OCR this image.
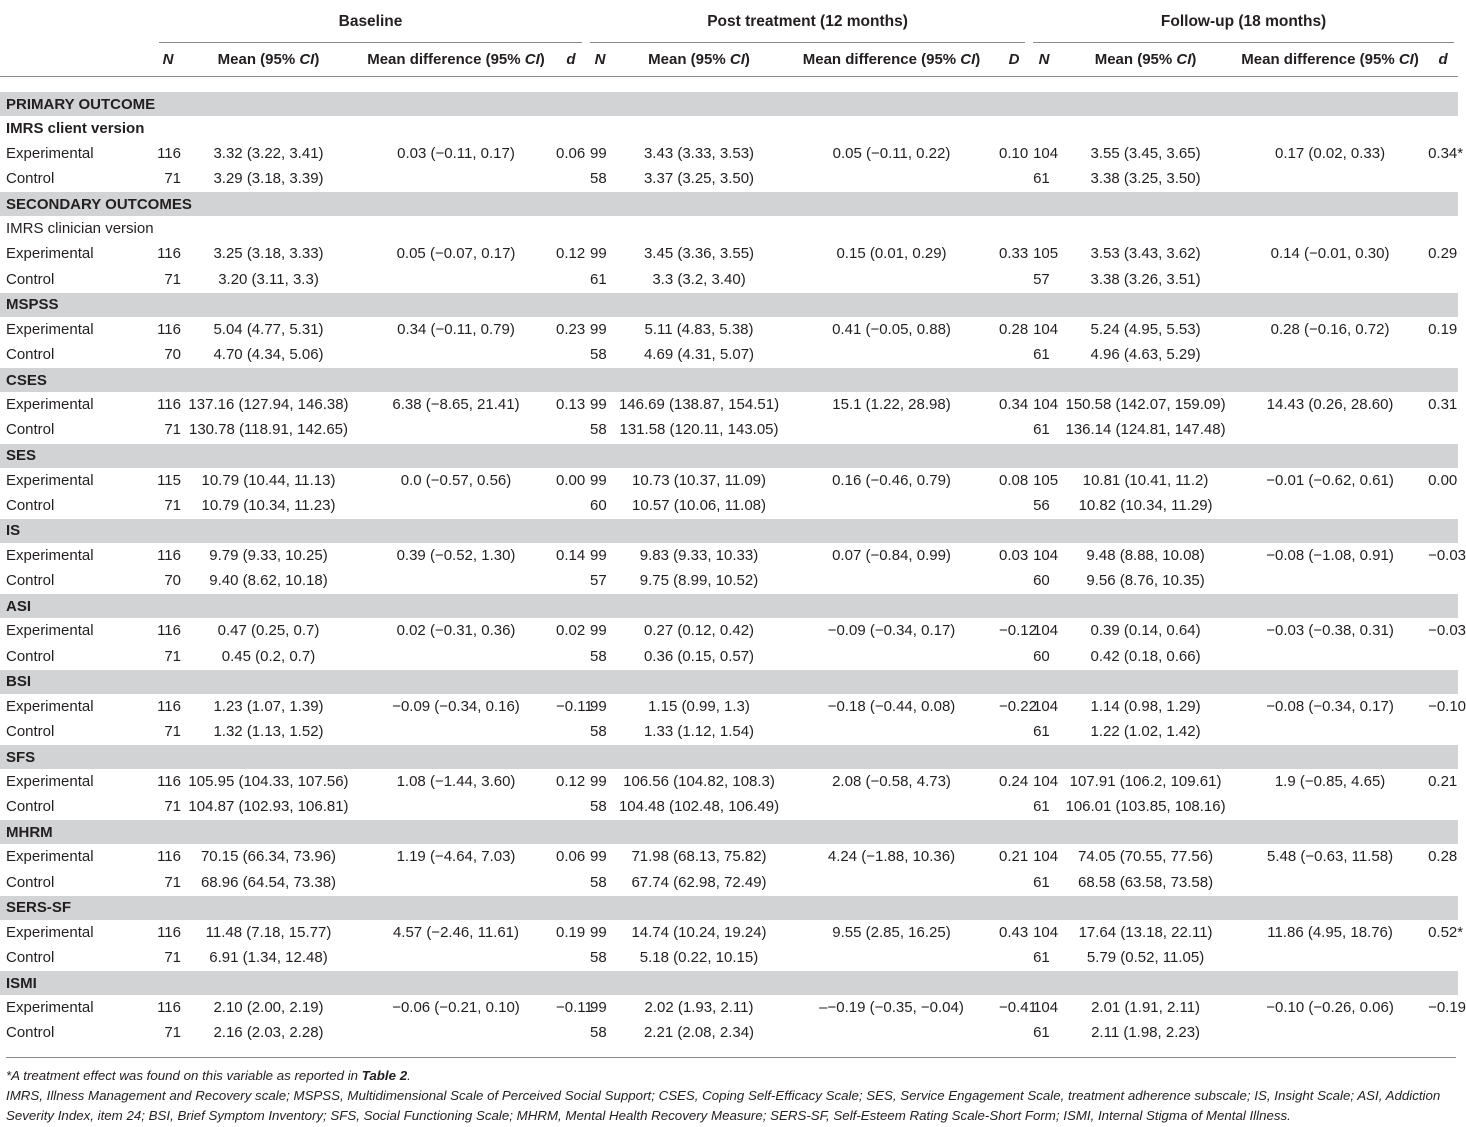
	Baseline				Post treatment (12 months)				Follow-up (18 months)			
	N	Mean (95% CI)	Mean difference (95% CI)	d	N	Mean (95% CI)	Mean difference (95% CI)	D	N	Mean (95% CI)	Mean difference (95% CI)	d

PRIMARY OUTCOME												
IMRS client version												
Experimental	116	3.32 (3.22, 3.41)	0.03 (−0.11, 0.17)	0.06	99	3.43 (3.33, 3.53)	0.05 (−0.11, 0.22)	0.10	104	3.55 (3.45, 3.65)	0.17 (0.02, 0.33)	0.34*
Control	71	3.29 (3.18, 3.39)			58	3.37 (3.25, 3.50)			61	3.38 (3.25, 3.50)		
SECONDARY OUTCOMES												
IMRS clinician version												
Experimental	116	3.25 (3.18, 3.33)	0.05 (−0.07, 0.17)	0.12	99	3.45 (3.36, 3.55)	0.15 (0.01, 0.29)	0.33	105	3.53 (3.43, 3.62)	0.14 (−0.01, 0.30)	0.29
Control	71	3.20 (3.11, 3.3)			61	3.3 (3.2, 3.40)			57	3.38 (3.26, 3.51)		
MSPSS												
Experimental	116	5.04 (4.77, 5.31)	0.34 (−0.11, 0.79)	0.23	99	5.11 (4.83, 5.38)	0.41 (−0.05, 0.88)	0.28	104	5.24 (4.95, 5.53)	0.28 (−0.16, 0.72)	0.19
Control	70	4.70 (4.34, 5.06)			58	4.69 (4.31, 5.07)			61	4.96 (4.63, 5.29)		
CSES												
Experimental	116	137.16 (127.94, 146.38)	6.38 (−8.65, 21.41)	0.13	99	146.69 (138.87, 154.51)	15.1 (1.22, 28.98)	0.34	104	150.58 (142.07, 159.09)	14.43 (0.26, 28.60)	0.31
Control	71	130.78 (118.91, 142.65)			58	131.58 (120.11, 143.05)			61	136.14 (124.81, 147.48)		
SES												
Experimental	115	10.79 (10.44, 11.13)	0.0 (−0.57, 0.56)	0.00	99	10.73 (10.37, 11.09)	0.16 (−0.46, 0.79)	0.08	105	10.81 (10.41, 11.2)	−0.01 (−0.62, 0.61)	0.00
Control	71	10.79 (10.34, 11.23)			60	10.57 (10.06, 11.08)			56	10.82 (10.34, 11.29)		
IS												
Experimental	116	9.79 (9.33, 10.25)	0.39 (−0.52, 1.30)	0.14	99	9.83 (9.33, 10.33)	0.07 (−0.84, 0.99)	0.03	104	9.48 (8.88, 10.08)	−0.08 (−1.08, 0.91)	−0.03
Control	70	9.40 (8.62, 10.18)			57	9.75 (8.99, 10.52)			60	9.56 (8.76, 10.35)		
ASI												
Experimental	116	0.47 (0.25, 0.7)	0.02 (−0.31, 0.36)	0.02	99	0.27 (0.12, 0.42)	−0.09 (−0.34, 0.17)	−0.12	104	0.39 (0.14, 0.64)	−0.03 (−0.38, 0.31)	−0.03
Control	71	0.45 (0.2, 0.7)			58	0.36 (0.15, 0.57)			60	0.42 (0.18, 0.66)		
BSI												
Experimental	116	1.23 (1.07, 1.39)	−0.09 (−0.34, 0.16)	−0.11	99	1.15 (0.99, 1.3)	−0.18 (−0.44, 0.08)	−0.22	104	1.14 (0.98, 1.29)	−0.08 (−0.34, 0.17)	−0.10
Control	71	1.32 (1.13, 1.52)			58	1.33 (1.12, 1.54)			61	1.22 (1.02, 1.42)		
SFS												
Experimental	116	105.95 (104.33, 107.56)	1.08 (−1.44, 3.60)	0.12	99	106.56 (104.82, 108.3)	2.08 (−0.58, 4.73)	0.24	104	107.91 (106.2, 109.61)	1.9 (−0.85, 4.65)	0.21
Control	71	104.87 (102.93, 106.81)			58	104.48 (102.48, 106.49)			61	106.01 (103.85, 108.16)		
MHRM												
Experimental	116	70.15 (66.34, 73.96)	1.19 (−4.64, 7.03)	0.06	99	71.98 (68.13, 75.82)	4.24 (−1.88, 10.36)	0.21	104	74.05 (70.55, 77.56)	5.48 (−0.63, 11.58)	0.28
Control	71	68.96 (64.54, 73.38)			58	67.74 (62.98, 72.49)			61	68.58 (63.58, 73.58)		
SERS-SF												
Experimental	116	11.48 (7.18, 15.77)	4.57 (−2.46, 11.61)	0.19	99	14.74 (10.24, 19.24)	9.55 (2.85, 16.25)	0.43	104	17.64 (13.18, 22.11)	11.86 (4.95, 18.76)	0.52*
Control	71	6.91 (1.34, 12.48)			58	5.18 (0.22, 10.15)			61	5.79 (0.52, 11.05)		
ISMI												
Experimental	116	2.10 (2.00, 2.19)	−0.06 (−0.21, 0.10)	−0.11	99	2.02 (1.93, 2.11)	–−0.19 (−0.35, −0.04)	−0.41	104	2.01 (1.91, 2.11)	−0.10 (−0.26, 0.06)	−0.19
Control	71	2.16 (2.03, 2.28)			58	2.21 (2.08, 2.34)			61	2.11 (1.98, 2.23)		

*A treatment effect was found on this variable as reported in Table 2.

IMRS, Illness Management and Recovery scale; MSPSS, Multidimensional Scale of Perceived Social Support; CSES, Coping Self-Efficacy Scale; SES, Service Engagement Scale, treatment adherence subscale; IS, Insight Scale; ASI, Addiction Severity Index, item 24; BSI, Brief Symptom Inventory; SFS, Social Functioning Scale; MHRM, Mental Health Recovery Measure; SERS-SF, Self-Esteem Rating Scale-Short Form; ISMI, Internal Stigma of Mental Illness.
